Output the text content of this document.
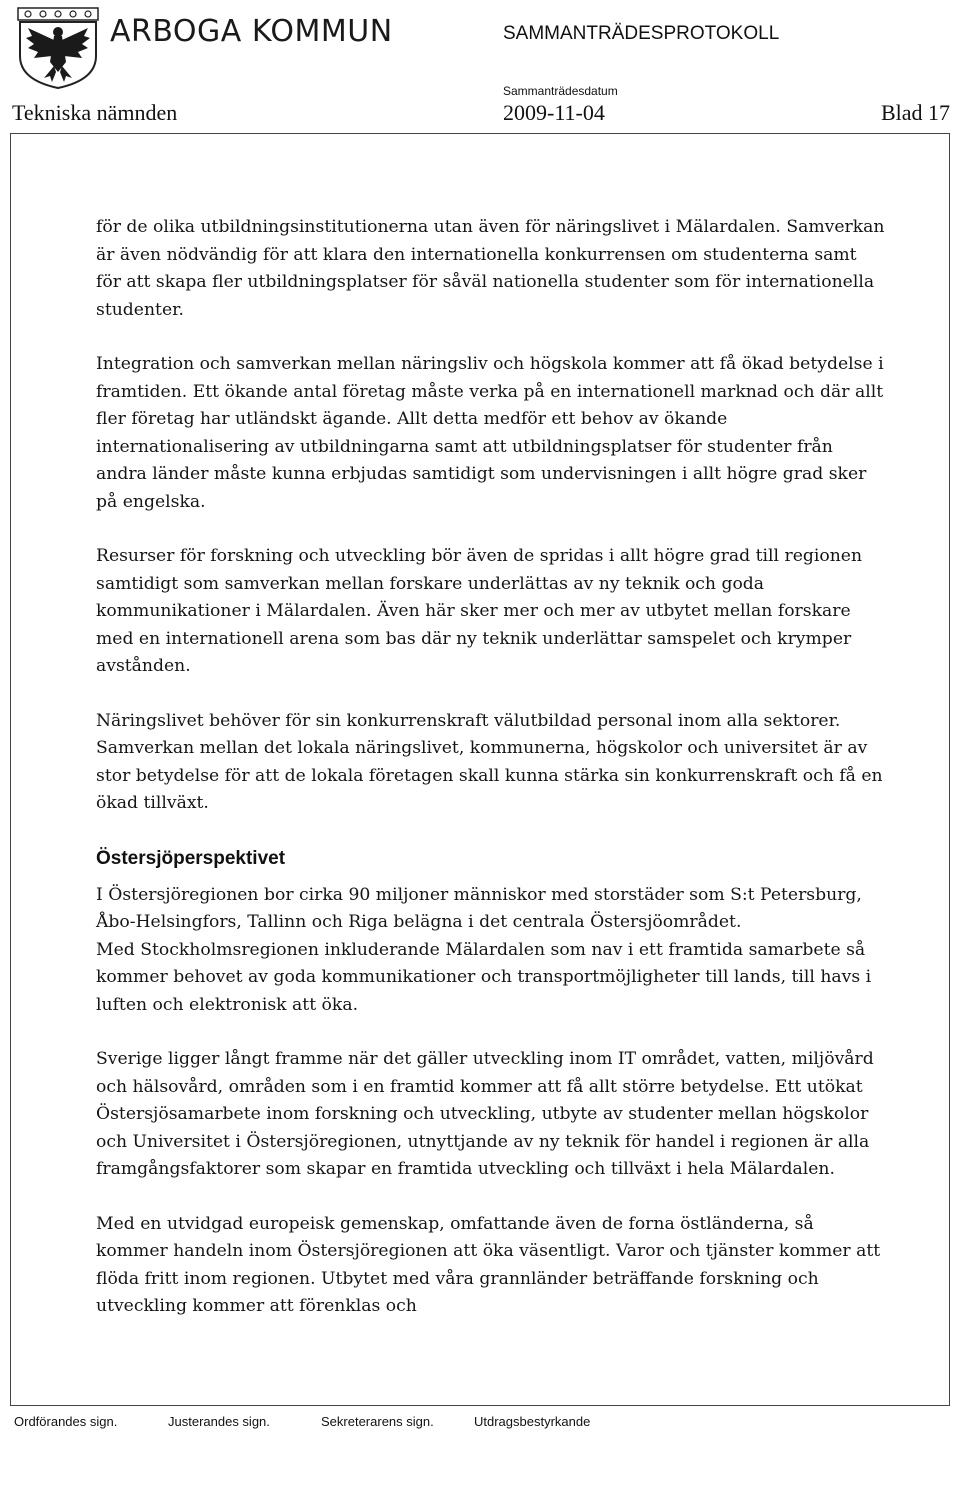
ARBOGA KOMMUN	SAMMANTRÄDESPROTOKOLL
Sammanträdesdatum
Tekniska nämnden	2009-11-04	Blad 17

för de olika utbildningsinstitutionerna utan även för näringslivet i Mälardalen. Samverkan är även nödvändig för att klara den internationella konkurrensen om studenterna samt för att skapa fler utbildningsplatser för såväl nationella studenter som för internationella studenter.

Integration och samverkan mellan näringsliv och högskola kommer att få ökad betydelse i framtiden. Ett ökande antal företag måste verka på en internationell marknad och där allt fler företag har utländskt ägande. Allt detta medför ett behov av ökande internationalisering av utbildningarna samt att utbildningsplatser för studenter från andra länder måste kunna erbjudas samtidigt som undervisningen i allt högre grad sker på engelska.

Resurser för forskning och utveckling bör även de spridas i allt högre grad till regionen samtidigt som samverkan mellan forskare underlättas av ny teknik och goda kommunikationer i Mälardalen. Även här sker mer och mer av utbytet mellan forskare med en internationell arena som bas där ny teknik underlättar samspelet och krymper avstånden.

Näringslivet behöver för sin konkurrenskraft välutbildad personal inom alla sektorer. Samverkan mellan det lokala näringslivet, kommunerna, högskolor och universitet är av stor betydelse för att de lokala företagen skall kunna stärka sin konkurrenskraft och få en ökad tillväxt.

Östersjöperspektivet

I Östersjöregionen bor cirka 90 miljoner människor med storstäder som S:t Petersburg, Åbo-Helsingfors, Tallinn och Riga belägna i det centrala Östersjöområdet.

Med Stockholmsregionen inkluderande Mälardalen som nav i ett framtida samarbete så kommer behovet av goda kommunikationer och transportmöjligheter till lands, till havs i luften och elektronisk att öka.

Sverige ligger långt framme när det gäller utveckling inom IT området, vatten, miljövård och hälsovård, områden som i en framtid kommer att få allt större betydelse. Ett utökat Östersjösamarbete inom forskning och utveckling, utbyte av studenter mellan högskolor och Universitet i Östersjöregionen, utnyttjande av ny teknik för handel i regionen är alla framgångsfaktorer som skapar en framtida utveckling och tillväxt i hela Mälardalen.

Med en utvidgad europeisk gemenskap, omfattande även de forna östländerna, så kommer handeln inom Östersjöregionen att öka väsentligt. Varor och tjänster kommer att flöda fritt inom regionen. Utbytet med våra grannländer beträffande forskning och utveckling kommer att förenklas och

Ordförandes sign.	Justerandes sign.	Sekreterarens sign.	Utdragsbestyrkande
